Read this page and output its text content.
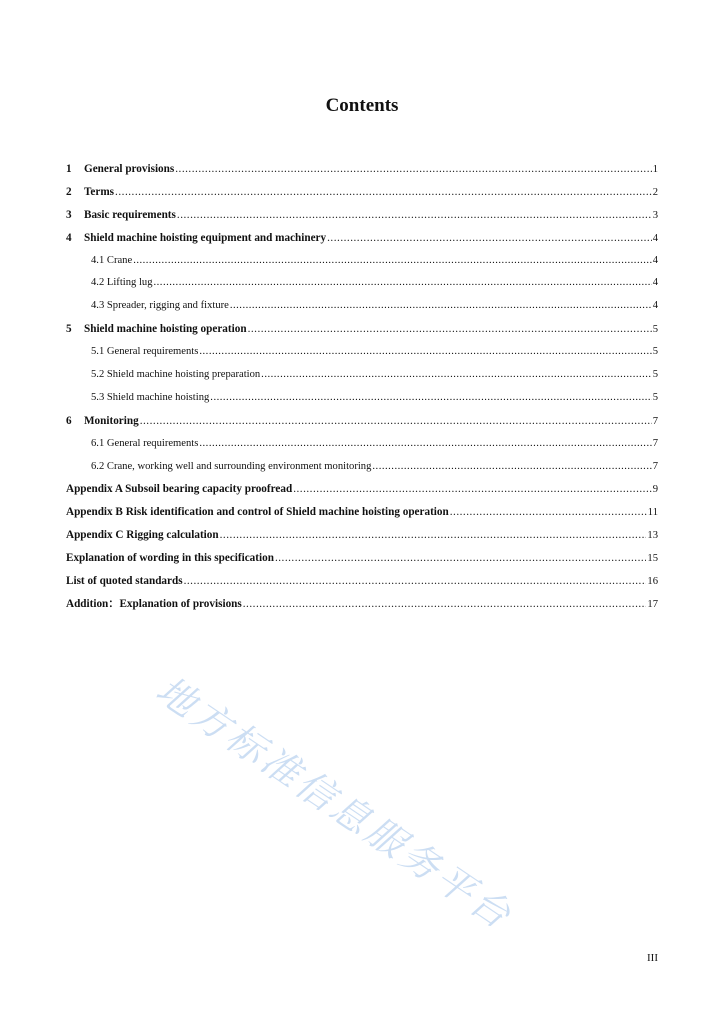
Contents
1	General provisions .....	1
2	Terms .....	2
3	Basic requirements .....	3
4	Shield machine hoisting equipment and machinery .....	4
4.1 Crane .....	4
4.2 Lifting lug .....	4
4.3 Spreader, rigging and fixture .....	4
5	Shield machine hoisting operation .....	5
5.1 General requirements .....	5
5.2 Shield machine hoisting preparation .....	5
5.3 Shield machine hoisting .....	5
6	Monitoring .....	7
6.1 General requirements .....	7
6.2 Crane, working well and surrounding environment monitoring .....	7
Appendix A Subsoil bearing capacity proofread .....	9
Appendix B Risk identification and control of Shield machine hoisting operation .....	11
Appendix C Rigging calculation .....	13
Explanation of wording in this specification .....	15
List of quoted standards .....	16
Addition：Explanation of provisions .....	17
地方标准信息服务平台
III
